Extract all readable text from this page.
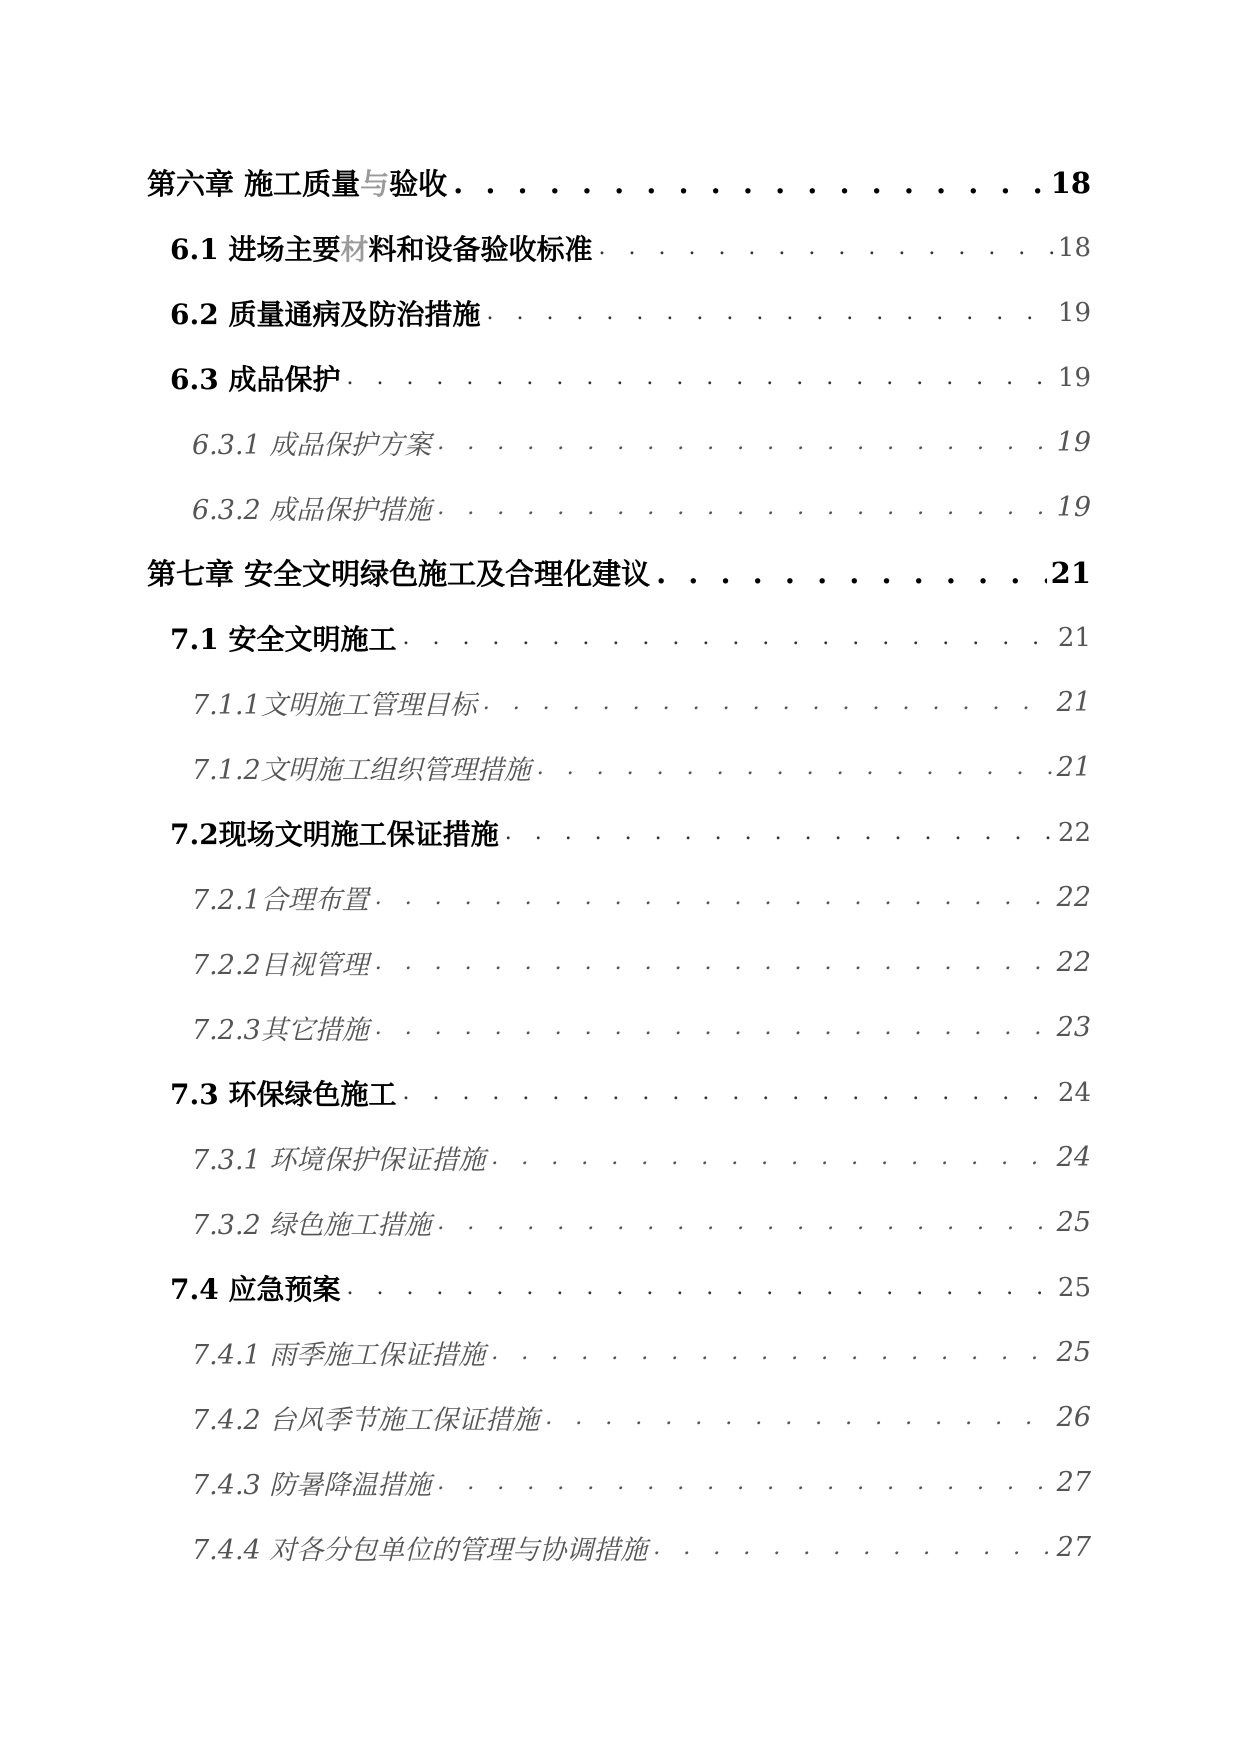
第六章 施工质量与验收 . . .	18
6.1 进场主要材料和设备验收标准 . . .	18
6.2 质量通病及防治措施 . . .	19
6.3 成品保护 . . .	19
6.3.1 成品保护方案 . . .	19
6.3.2 成品保护措施 . . .	19
第七章 安全文明绿色施工及合理化建议 . . .	21
7.1 安全文明施工 . . .	21
7.1.1文明施工管理目标 . . .	21
7.1.2文明施工组织管理措施 . . .	21
7.2现场文明施工保证措施 . . .	22
7.2.1合理布置 . . .	22
7.2.2目视管理 . . .	22
7.2.3其它措施 . . .	23
7.3 环保绿色施工 . . .	24
7.3.1 环境保护保证措施 . . .	24
7.3.2 绿色施工措施 . . .	25
7.4 应急预案 . . .	25
7.4.1 雨季施工保证措施 . . .	25
7.4.2 台风季节施工保证措施 . . .	26
7.4.3 防暑降温措施 . . .	27
7.4.4 对各分包单位的管理与协调措施 . . .	27
